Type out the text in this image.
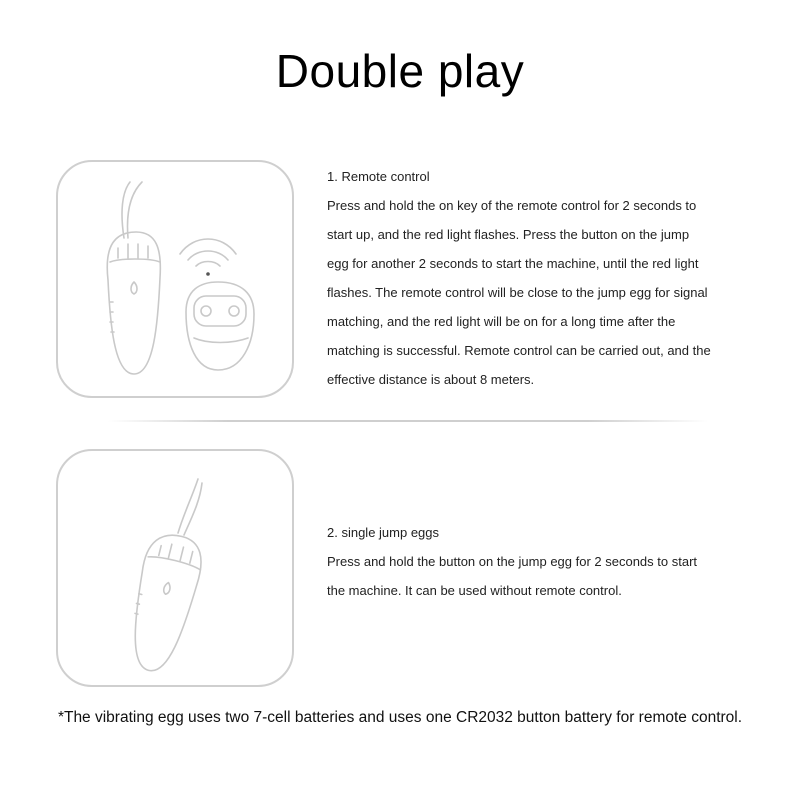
Double play

1. Remote control

Press and hold the on key of the remote control for 2 seconds to

start up, and the red light flashes. Press the button on the jump

egg for another 2 seconds to start the machine, until the red light

flashes. The remote control will be close to the jump egg for signal

matching, and the red light will be on for a long time after the

matching is successful. Remote control can be carried out, and the

effective distance is about 8 meters.

2. single jump eggs

Press and hold the button on the jump egg for 2 seconds to start

the machine. It can be used without remote control.

*The vibrating egg uses two 7-cell batteries and uses one CR2032 button battery for remote control.
